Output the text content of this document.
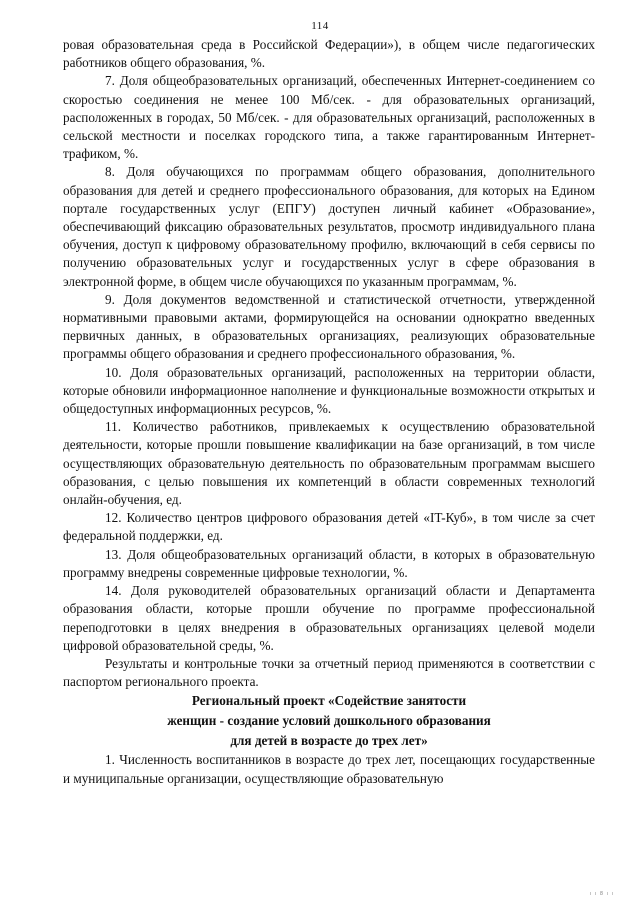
114

ровая образовательная среда в Российской Федерации»), в общем числе педагогических работников общего образования, %.

7. Доля общеобразовательных организаций, обеспеченных Интернет-соединением со скоростью соединения не менее 100 Мб/сек. - для образовательных организаций, расположенных в городах, 50 Мб/сек. - для образовательных организаций, расположенных в сельской местности и поселках городского типа, а также гарантированным Интернет-трафиком, %.

8. Доля обучающихся по программам общего образования, дополнительного образования для детей и среднего профессионального образования, для которых на Едином портале государственных услуг (ЕПГУ) доступен личный кабинет «Образование», обеспечивающий фиксацию образовательных результатов, просмотр индивидуального плана обучения, доступ к цифровому образовательному профилю, включающий в себя сервисы по получению образовательных услуг и государственных услуг в сфере образования в электронной форме, в общем числе обучающихся по указанным программам, %.

9. Доля документов ведомственной и статистической отчетности, утвержденной нормативными правовыми актами, формирующейся на основании однократно введенных первичных данных, в образовательных организациях, реализующих образовательные программы общего образования и среднего профессионального образования, %.

10. Доля образовательных организаций, расположенных на территории области, которые обновили информационное наполнение и функциональные возможности открытых и общедоступных информационных ресурсов, %.

11. Количество работников, привлекаемых к осуществлению образовательной деятельности, которые прошли повышение квалификации на базе организаций, в том числе осуществляющих образовательную деятельность по образовательным программам высшего образования, с целью повышения их компетенций в области современных технологий онлайн-обучения, ед.

12. Количество центров цифрового образования детей «IT-Куб», в том числе за счет федеральной поддержки, ед.

13. Доля общеобразовательных организаций области, в которых в образовательную программу внедрены современные цифровые технологии, %.

14. Доля руководителей образовательных организаций области и Департамента образования области, которые прошли обучение по программе профессиональной переподготовки в целях внедрения в образовательных организациях целевой модели цифровой образовательной среды, %.

Результаты и контрольные точки за отчетный период применяются в соответствии с паспортом регионального проекта.

Региональный проект «Содействие занятости
женщин - создание условий дошкольного образования
для детей в возрасте до трех лет»

1. Численность воспитанников в возрасте до трех лет, посещающих государственные и муниципальные организации, осуществляющие образовательную

ı ı 8 ı ı
